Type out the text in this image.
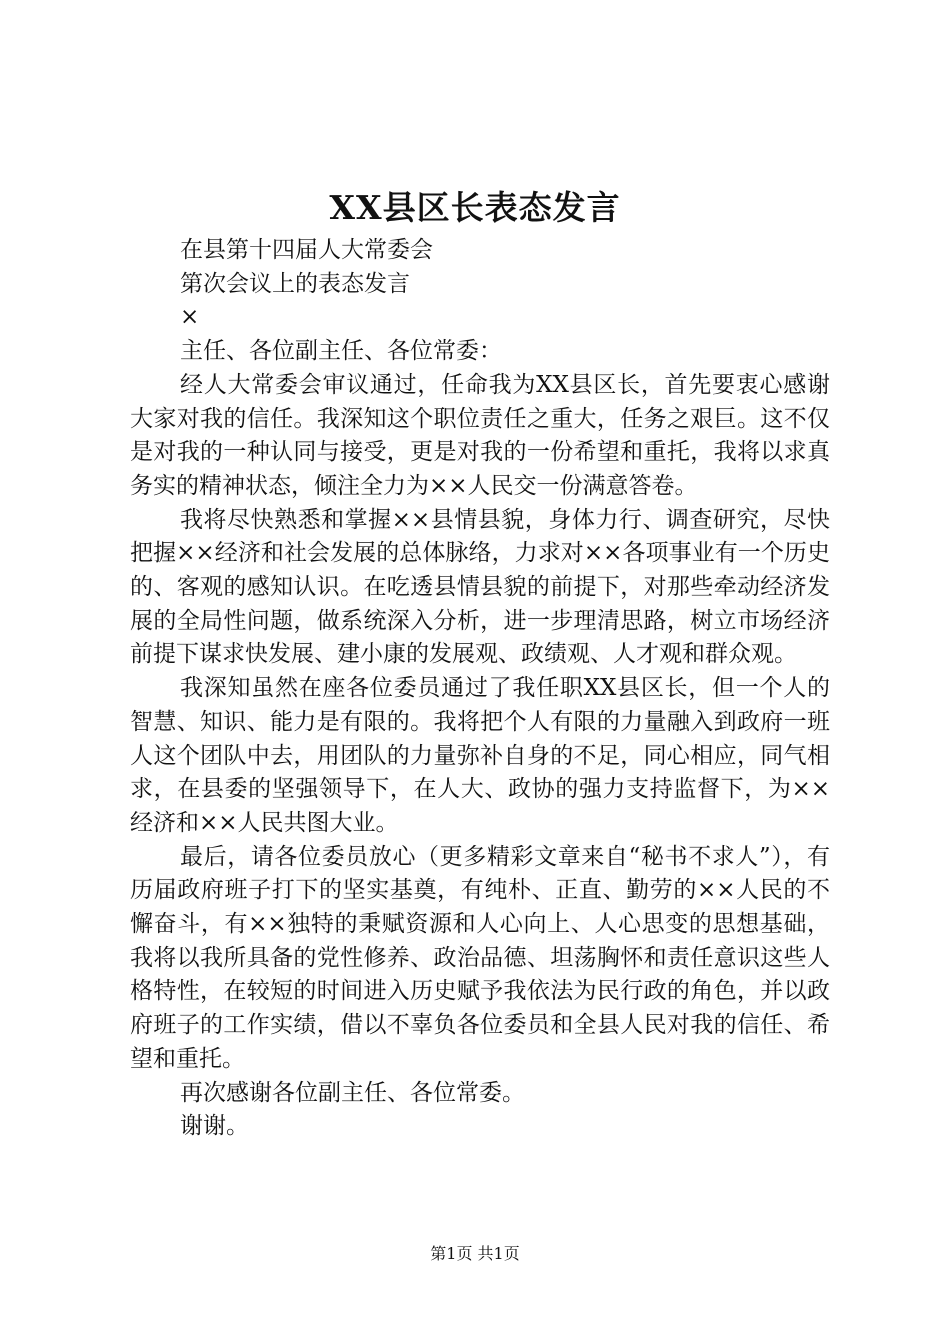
XX县区长表态发言

在县第十四届人大常委会

第次会议上的表态发言

×

主任、各位副主任、各位常委：

经人大常委会审议通过，任命我为XX县区长，首先要衷心感谢大家对我的信任。我深知这个职位责任之重大，任务之艰巨。这不仅是对我的一种认同与接受，更是对我的一份希望和重托，我将以求真务实的精神状态，倾注全力为××人民交一份满意答卷。

我将尽快熟悉和掌握××县情县貌，身体力行、调查研究，尽快把握××经济和社会发展的总体脉络，力求对××各项事业有一个历史的、客观的感知认识。在吃透县情县貌的前提下，对那些牵动经济发展的全局性问题，做系统深入分析，进一步理清思路，树立市场经济前提下谋求快发展、建小康的发展观、政绩观、人才观和群众观。

我深知虽然在座各位委员通过了我任职XX县区长，但一个人的智慧、知识、能力是有限的。我将把个人有限的力量融入到政府一班人这个团队中去，用团队的力量弥补自身的不足，同心相应，同气相求，在县委的坚强领导下，在人大、政协的强力支持监督下，为××经济和××人民共图大业。

最后，请各位委员放心（更多精彩文章来自“秘书不求人”），有历届政府班子打下的坚实基奠，有纯朴、正直、勤劳的××人民的不懈奋斗，有××独特的秉赋资源和人心向上、人心思变的思想基础，我将以我所具备的党性修养、政治品德、坦荡胸怀和责任意识这些人格特性，在较短的时间进入历史赋予我依法为民行政的角色，并以政府班子的工作实绩，借以不辜负各位委员和全县人民对我的信任、希望和重托。

再次感谢各位副主任、各位常委。

谢谢。

第1页 共1页
